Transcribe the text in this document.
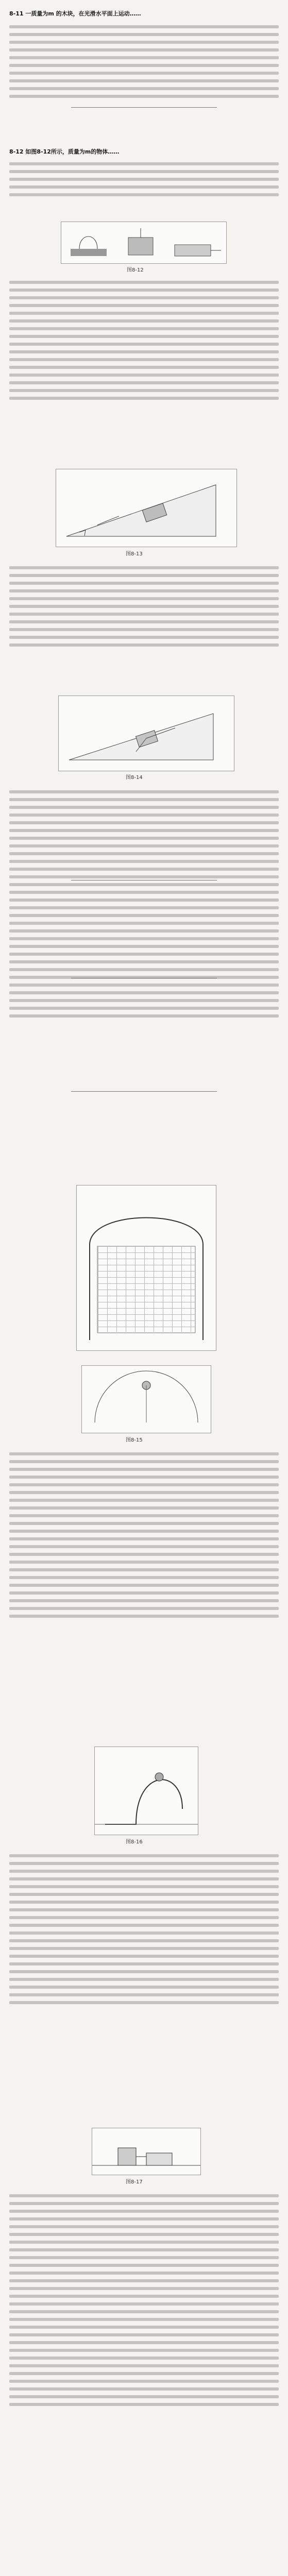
8-11 一质量为m 的木块，在光滑水平面上运动……
8-12 如图8-12所示，质量为m的物体……
图8-12
图8-13
图8-14
图8-15
图8-16
图8-17
